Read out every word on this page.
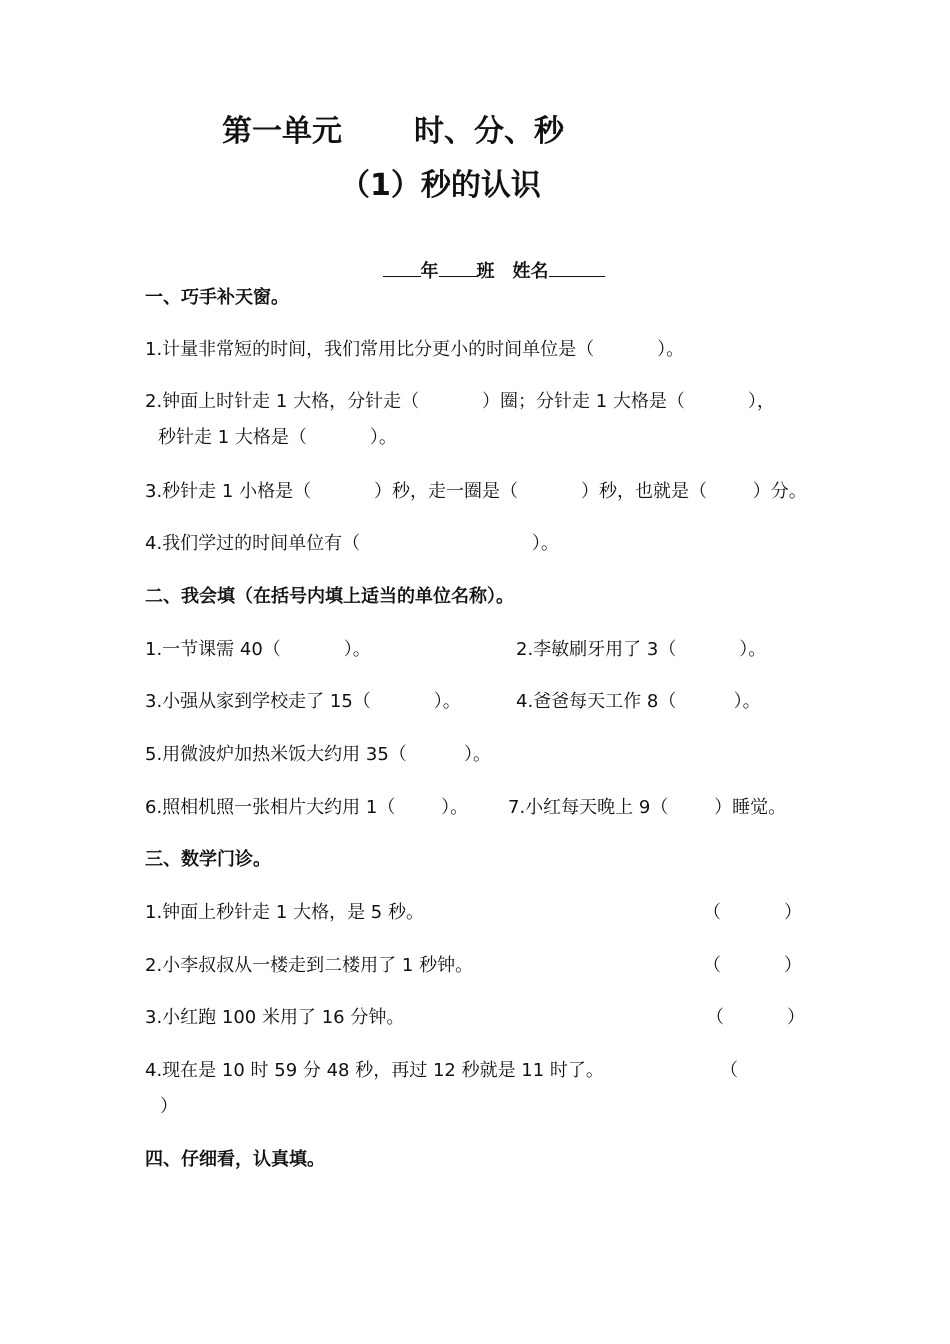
第一单元 时、分、秒
（1）秒的认识

年 班 姓名

一、巧手补天窗。
1.计量非常短的时间，我们常用比分更小的时间单位是（           ）。
2.钟面上时针走 1 大格，分针走（           ）圈；分针走 1 大格是（           ），
秒针走 1 大格是（           ）。
3.秒针走 1 小格是（           ）秒，走一圈是（           ）秒，也就是（        ）分。
4.我们学过的时间单位有（                              ）。
二、我会填（在括号内填上适当的单位名称）。
1.一节课需 40（           ）。	2.李敏刷牙用了 3（           ）。
3.小强从家到学校走了 15（           ）。	4.爸爸每天工作 8（          ）。
5.用微波炉加热米饭大约用 35（          ）。
6.照相机照一张相片大约用 1（        ）。 7.小红每天晚上 9（        ）睡觉。
三、数学门诊。
1.钟面上秒针走 1 大格，是 5 秒。	（           ）
2.小李叔叔从一楼走到二楼用了 1 秒钟。	（           ）
3.小红跑 100 米用了 16 分钟。	（           ）
4.现在是 10 时 59 分 48 秒，再过 12 秒就是 11 时了。	（
）
四、仔细看，认真填。
